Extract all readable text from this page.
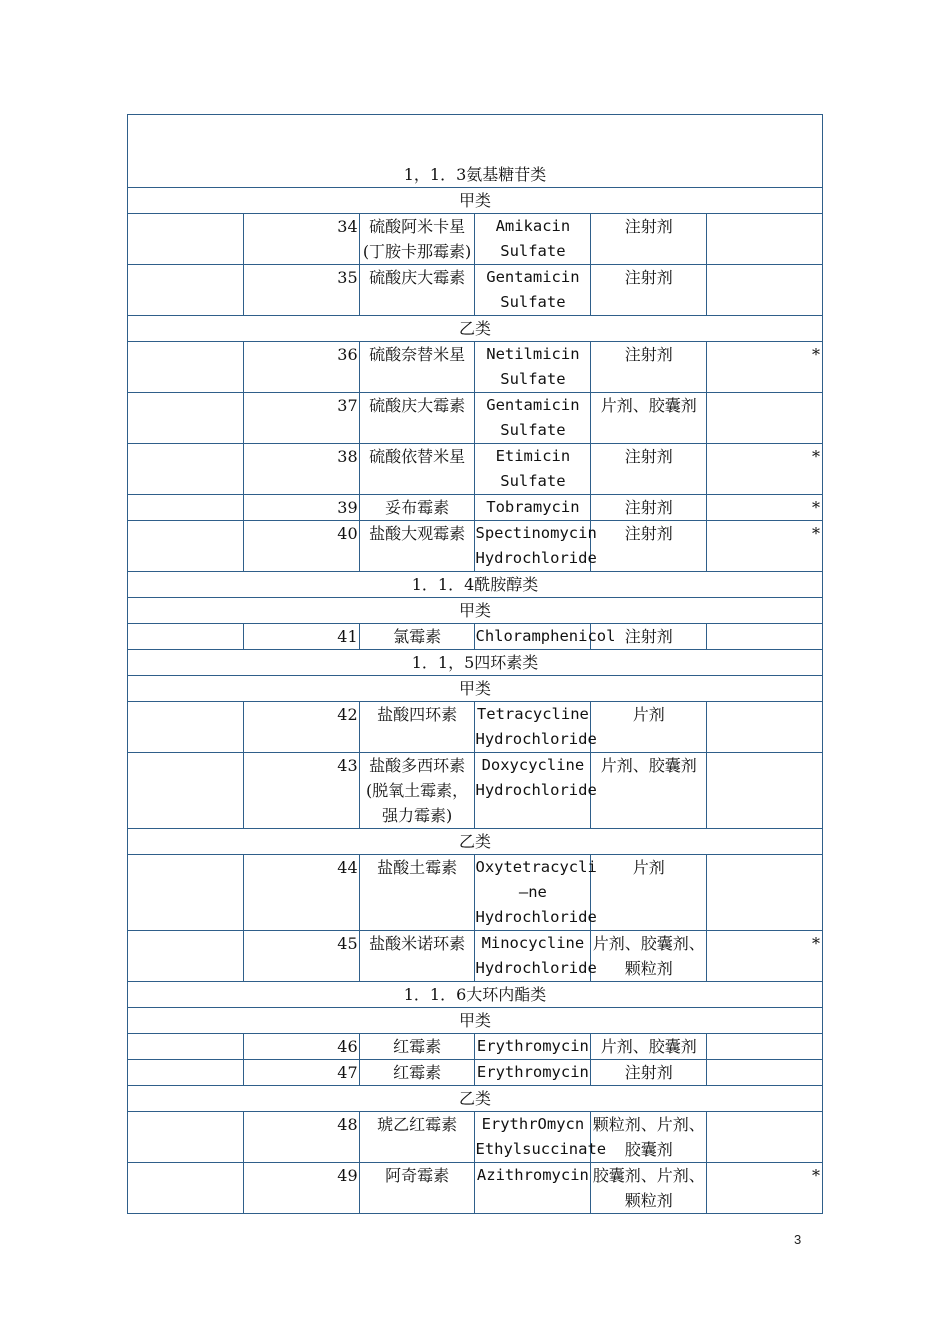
1，1．3氨基糖苷类					
甲类					
	34	硫酸阿米卡星(丁胺卡那霉素)	Amikacin Sulfate	注射剂	
	35	硫酸庆大霉素	Gentamicin Sulfate	注射剂	
乙类					
	36	硫酸奈替米星	Netilmicin Sulfate	注射剂	*
	37	硫酸庆大霉素	Gentamicin Sulfate	片剂、胶囊剂	
	38	硫酸依替米星	Etimicin Sulfate	注射剂	*
	39	妥布霉素	Tobramycin	注射剂	*
	40	盐酸大观霉素	Spectinomycin Hydrochloride	注射剂	*
1．1．4酰胺醇类					
甲类					
	41	氯霉素	Chloramphenicol	注射剂	
1．1，5四环素类					
甲类					
	42	盐酸四环素	Tetracycline Hydrochloride	片剂	
	43	盐酸多西环素(脱氧土霉素，强力霉素)	Doxycycline Hydrochloride	片剂、胶囊剂	
乙类					
	44	盐酸土霉素	Oxytetracycli—ne Hydrochloride	片剂	
	45	盐酸米诺环素	Minocycline Hydrochloride	片剂、胶囊剂、颗粒剂	*
1．1．6大环内酯类					
甲类					
	46	红霉素	Erythromycin	片剂、胶囊剂	
	47	红霉素	Erythromycin	注射剂	
乙类					
	48	琥乙红霉素	ErythrOmycn Ethylsuccinate	颗粒剂、片剂、胶囊剂	
	49	阿奇霉素	Azithromycin	胶囊剂、片剂、颗粒剂	*
3
